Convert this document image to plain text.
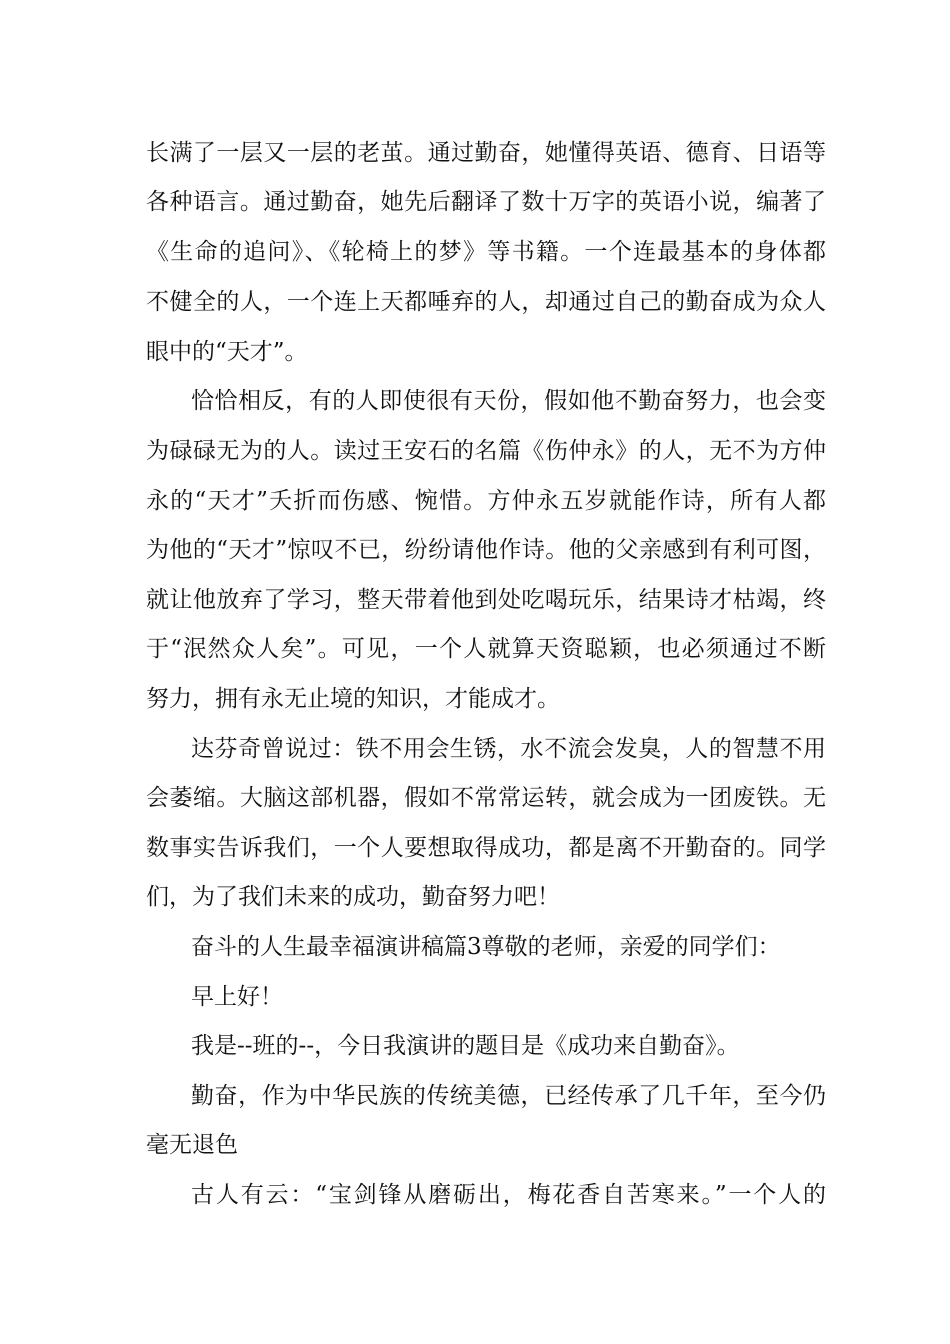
长满了一层又一层的老茧。通过勤奋，她懂得英语、德育、日语等

各种语言。通过勤奋，她先后翻译了数十万字的英语小说，编著了

《生命的追问》、《轮椅上的梦》等书籍。一个连最基本的身体都

不健全的人，一个连上天都唾弃的人，却通过自己的勤奋成为众人

眼中的“天才”。

恰恰相反，有的人即使很有天份，假如他不勤奋努力，也会变

为碌碌无为的人。读过王安石的名篇《伤仲永》的人，无不为方仲

永的“天才”夭折而伤感、惋惜。方仲永五岁就能作诗，所有人都

为他的“天才”惊叹不已，纷纷请他作诗。他的父亲感到有利可图，

就让他放弃了学习，整天带着他到处吃喝玩乐，结果诗才枯竭，终

于“泯然众人矣”。可见，一个人就算天资聪颖，也必须通过不断

努力，拥有永无止境的知识，才能成才。

达芬奇曾说过：铁不用会生锈，水不流会发臭，人的智慧不用

会萎缩。大脑这部机器，假如不常常运转，就会成为一团废铁。无

数事实告诉我们，一个人要想取得成功，都是离不开勤奋的。同学

们，为了我们未来的成功，勤奋努力吧！

奋斗的人生最幸福演讲稿篇3尊敬的老师，亲爱的同学们：

早上好！

我是--班的--，今日我演讲的题目是《成功来自勤奋》。

勤奋，作为中华民族的传统美德，已经传承了几千年，至今仍

毫无退色

古人有云：“宝剑锋从磨砺出，梅花香自苦寒来。”一个人的
